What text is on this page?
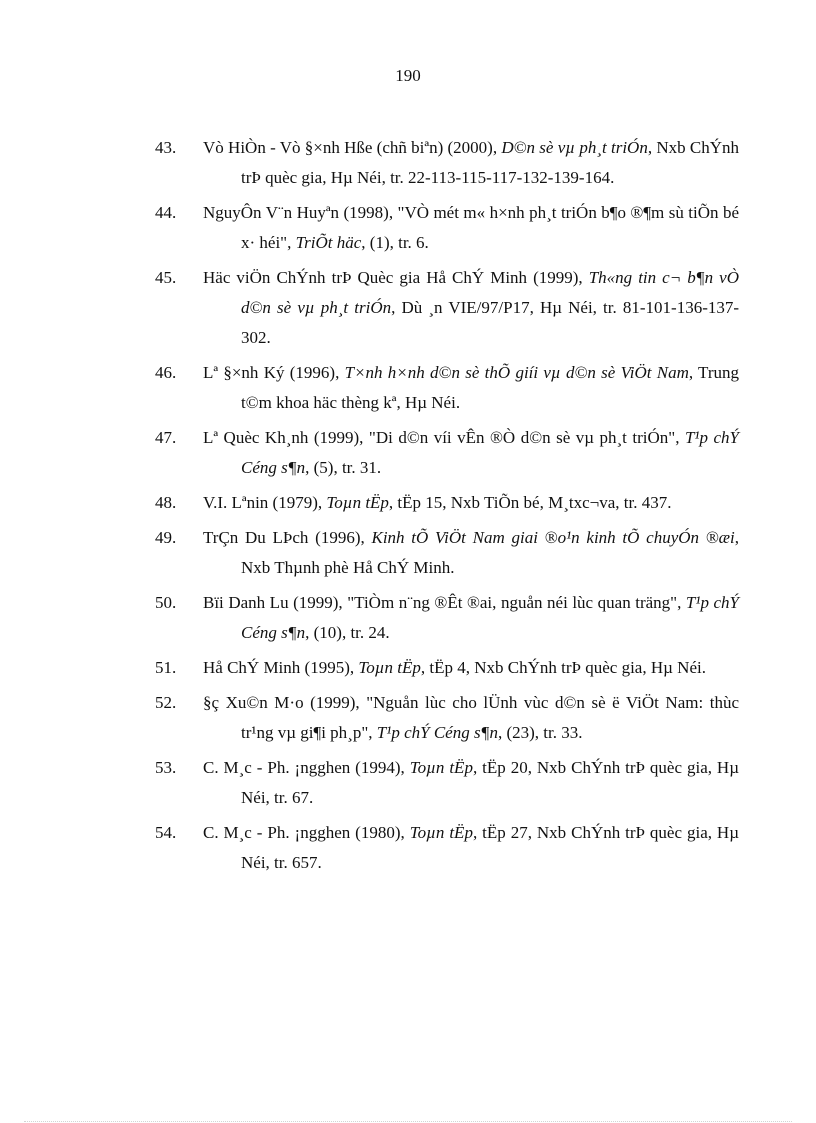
190
43.	Vò HiÒn - Vò §×nh Hße (chñ biªn) (2000), D©n sè vµ ph¸t triÓn, Nxb ChÝnh trÞ quèc gia, Hµ Néi, tr. 22-113-115-117-132-139-164.
44.	NguyÔn V¨n Huyªn (1998), "VÒ mét m« h×nh ph¸t triÓn b¶o ®¶m sù tiÕn bé x· héi", TriÕt häc, (1), tr. 6.
45.	Häc viÖn ChÝnh trÞ Quèc gia Hå ChÝ Minh (1999), Th«ng tin c¬ b¶n vÒ d©n sè vµ ph¸t triÓn, Dù ¸n VIE/97/P17, Hµ Néi, tr. 81-101-136-137-302.
46.	Lª §×nh Ký (1996), T×nh h×nh d©n sè thÕ giíi vµ d©n sè ViÖt Nam, Trung t©m khoa häc thèng kª, Hµ Néi.
47.	Lª Quèc Kh¸nh (1999), "Di d©n víi vÊn ®Ò d©n sè vµ ph¸t triÓn", T¹p chÝ Céng s¶n, (5), tr. 31.
48.	V.I. Lªnin (1979), Toµn tËp, tËp 15, Nxb TiÕn bé, M¸txc¬va, tr. 437.
49.	TrÇn Du LÞch (1996), Kinh tÕ ViÖt Nam giai ®o¹n kinh tÕ chuyÓn ®æi, Nxb Thµnh phè Hå ChÝ Minh.
50.	Bïi Danh Lu (1999), "TiÒm n¨ng ®Êt ®ai, nguån néi lùc quan träng", T¹p chÝ Céng s¶n, (10), tr. 24.
51.	Hå ChÝ Minh (1995), Toµn tËp, tËp 4, Nxb ChÝnh trÞ quèc gia, Hµ Néi.
52.	§ç Xu©n M·o (1999), "Nguån lùc cho lÜnh vùc d©n sè ë ViÖt Nam: thùc tr¹ng vµ gi¶i ph¸p", T¹p chÝ Céng s¶n, (23), tr. 33.
53.	C. M¸c - Ph. ¡ngghen (1994), Toµn tËp, tËp 20, Nxb ChÝnh trÞ quèc gia, Hµ Néi, tr. 67.
54.	C. M¸c - Ph. ¡ngghen (1980), Toµn tËp, tËp 27, Nxb ChÝnh trÞ quèc gia, Hµ Néi, tr. 657.
